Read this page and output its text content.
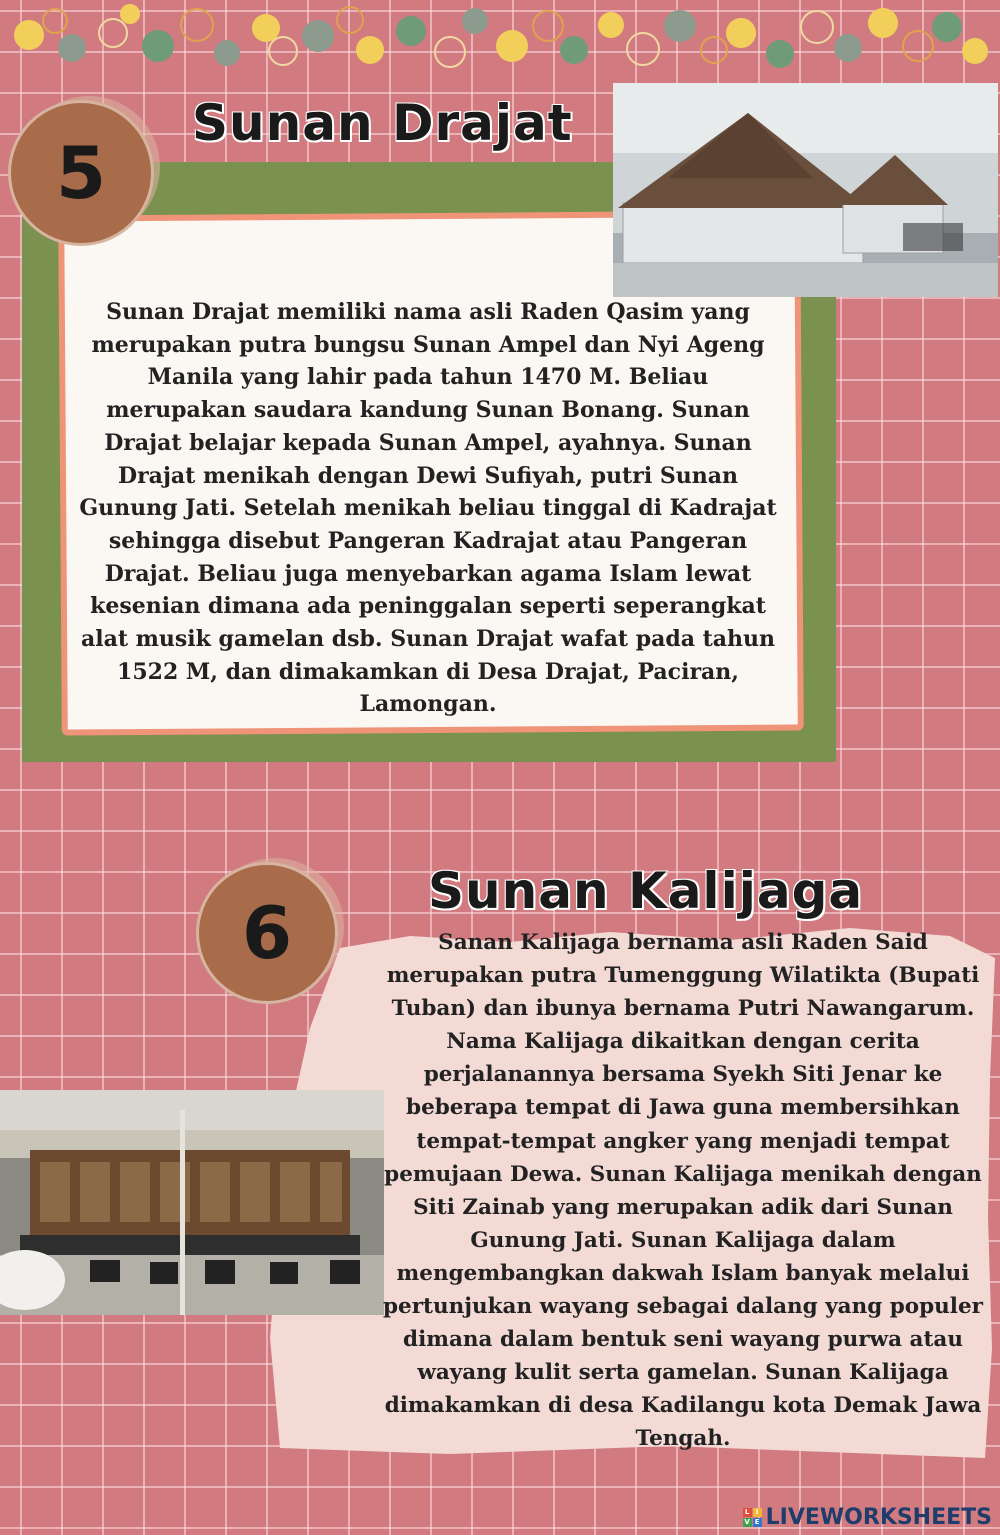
5
Sunan Drajat

Sunan Drajat memiliki nama asli Raden Qasim yang merupakan putra bungsu Sunan Ampel dan Nyi Ageng Manila yang lahir pada tahun 1470 M. Beliau merupakan saudara kandung Sunan Bonang. Sunan Drajat belajar kepada Sunan Ampel, ayahnya. Sunan Drajat menikah dengan Dewi Sufiyah, putri Sunan Gunung Jati. Setelah menikah beliau tinggal di Kadrajat sehingga disebut Pangeran Kadrajat atau Pangeran Drajat. Beliau juga menyebarkan agama Islam lewat kesenian dimana ada peninggalan seperti seperangkat alat musik gamelan dsb. Sunan Drajat wafat pada tahun 1522 M, dan dimakamkan di Desa Drajat, Paciran, Lamongan.

6	Sunan Kalijaga

Sanan Kalijaga bernama asli Raden Said merupakan putra Tumenggung Wilatikta (Bupati Tuban) dan ibunya bernama Putri Nawangarum. Nama Kalijaga dikaitkan dengan cerita perjalanannya bersama Syekh Siti Jenar ke beberapa tempat di Jawa guna membersihkan tempat-tempat angker yang menjadi tempat pemujaan Dewa. Sunan Kalijaga menikah dengan Siti Zainab yang merupakan adik dari Sunan Gunung Jati. Sunan Kalijaga dalam mengembangkan dakwah Islam banyak melalui pertunjukan wayang sebagai dalang yang populer dimana dalam bentuk seni wayang purwa atau wayang kulit serta gamelan. Sunan Kalijaga dimakamkan di desa Kadilangu kota Demak Jawa Tengah.

L I
V E LIVEWORKSHEETS
